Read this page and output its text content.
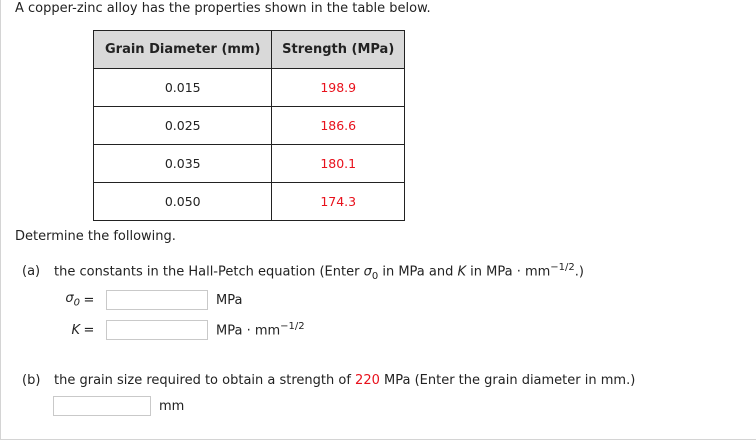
A copper-zinc alloy has the properties shown in the table below.
Grain Diameter (mm)	Strength (MPa)
0.015	198.9
0.025	186.6
0.035	180.1
0.050	174.3
Determine the following.
(a) the constants in the Hall-Petch equation (Enter $\sigma_0$ in MPa and K in MPa · $mm^{-1/2}$.)
$\sigma_0$ =	MPa
K =	MPa · $mm^{-1/2}$
(b) the grain size required to obtain a strength of 220 MPa (Enter the grain diameter in mm.)
mm
